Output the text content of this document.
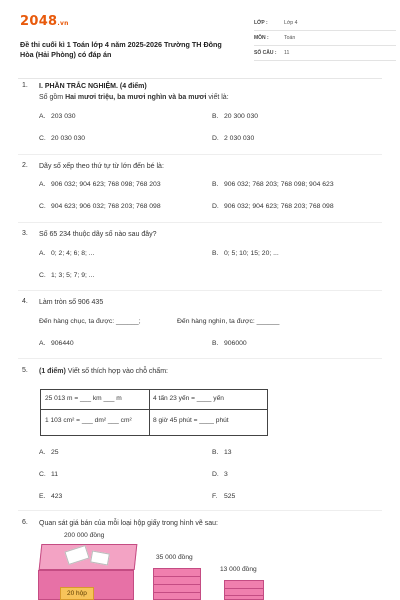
2048.vn
Đề thi cuối kì 1 Toán lớp 4 năm 2025-2026 Trường TH Đông Hòa (Hải Phòng) có đáp án
LỚP :	Lớp 4
MÔN :	Toán
SỐ CÂU :	11
1. I. PHẦN TRẮC NGHIỆM. (4 điểm)
Số gồm Hai mươi triệu, ba mươi nghìn và ba mươi viết là:
A. 203 030	B. 20 300 030
C. 20 030 030	D. 2 030 030
2. Dãy số xếp theo thứ tự từ lớn đến bé là:
A. 906 032; 904 623; 768 098; 768 203	B. 906 032; 768 203; 768 098; 904 623
C. 904 623; 906 032; 768 203; 768 098	D. 906 032; 904 623; 768 203; 768 098
3. Số 65 234 thuộc dãy số nào sau đây?
A. 0; 2; 4; 6; 8; ...	B. 0; 5; 10; 15; 20; ...
C. 1; 3; 5; 7; 9; ...
4. Làm tròn số 906 435
Đến hàng chục, ta được: ______;	Đến hàng nghìn, ta được: ______
A. 906440	B. 906000
5. (1 điểm) Viết số thích hợp vào chỗ chấm:
25 013 m = ___ km ___ m	4 tấn 23 yến = ____ yến
1 103 cm² = ___ dm² ___ cm²	8 giờ 45 phút = ____ phút
A. 25	B. 13
C. 11	D. 3
E. 423	F. 525
6. Quan sát giá bán của mỗi loại hộp giấy trong hình vẽ sau:
200 000 đồng
20 hộp
35 000 đồng
13 000 đồng
